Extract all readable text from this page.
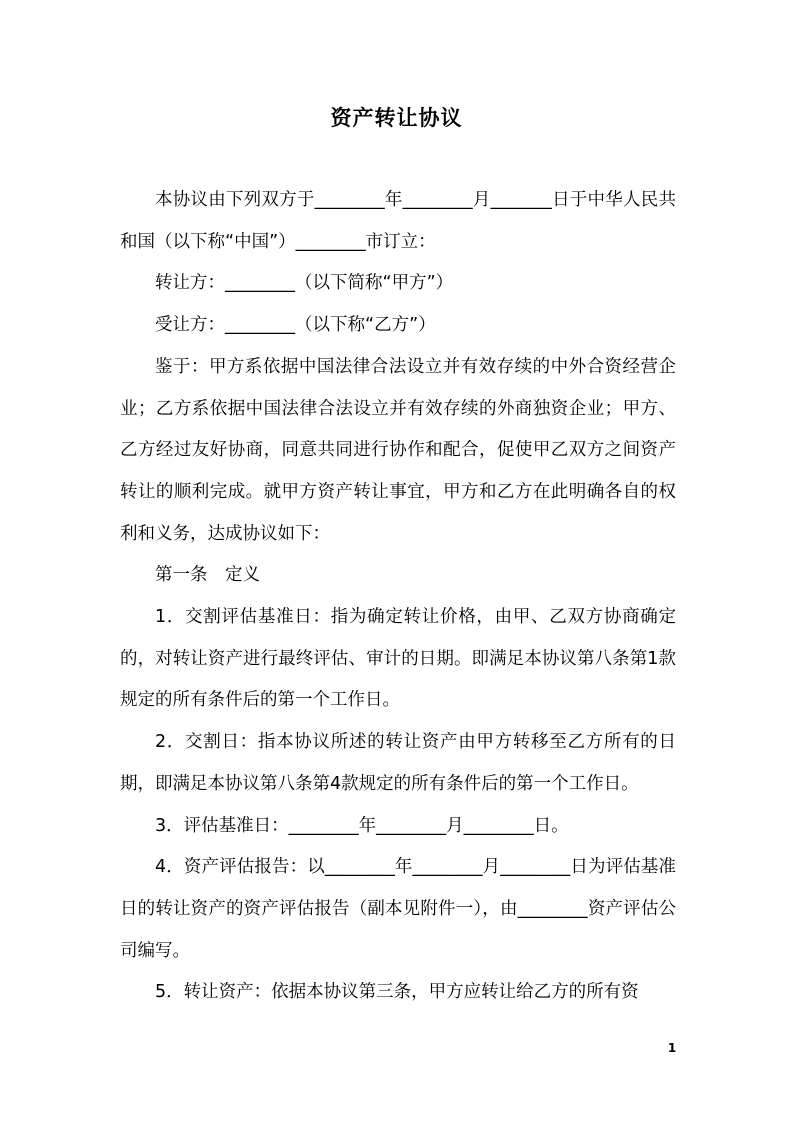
资产转让协议

本协议由下列双方于________年________月_______日于中华人民共和国（以下称“中国”）________市订立：

转让方：________（以下简称“甲方”）

受让方：________（以下称“乙方”）

鉴于：甲方系依据中国法律合法设立并有效存续的中外合资经营企业；乙方系依据中国法律合法设立并有效存续的外商独资企业；甲方、乙方经过友好协商，同意共同进行协作和配合，促使甲乙双方之间资产转让的顺利完成。就甲方资产转让事宜，甲方和乙方在此明确各自的权利和义务，达成协议如下：

第一条　定义

1．交割评估基准日：指为确定转让价格，由甲、乙双方协商确定的，对转让资产进行最终评估、审计的日期。即满足本协议第八条第1款规定的所有条件后的第一个工作日。

2．交割日：指本协议所述的转让资产由甲方转移至乙方所有的日期，即满足本协议第八条第4款规定的所有条件后的第一个工作日。

3．评估基准日：________年________月________日。

4．资产评估报告：以________年________月________日为评估基准日的转让资产的资产评估报告（副本见附件一），由________资产评估公司编写。

5．转让资产：依据本协议第三条，甲方应转让给乙方的所有资

1
